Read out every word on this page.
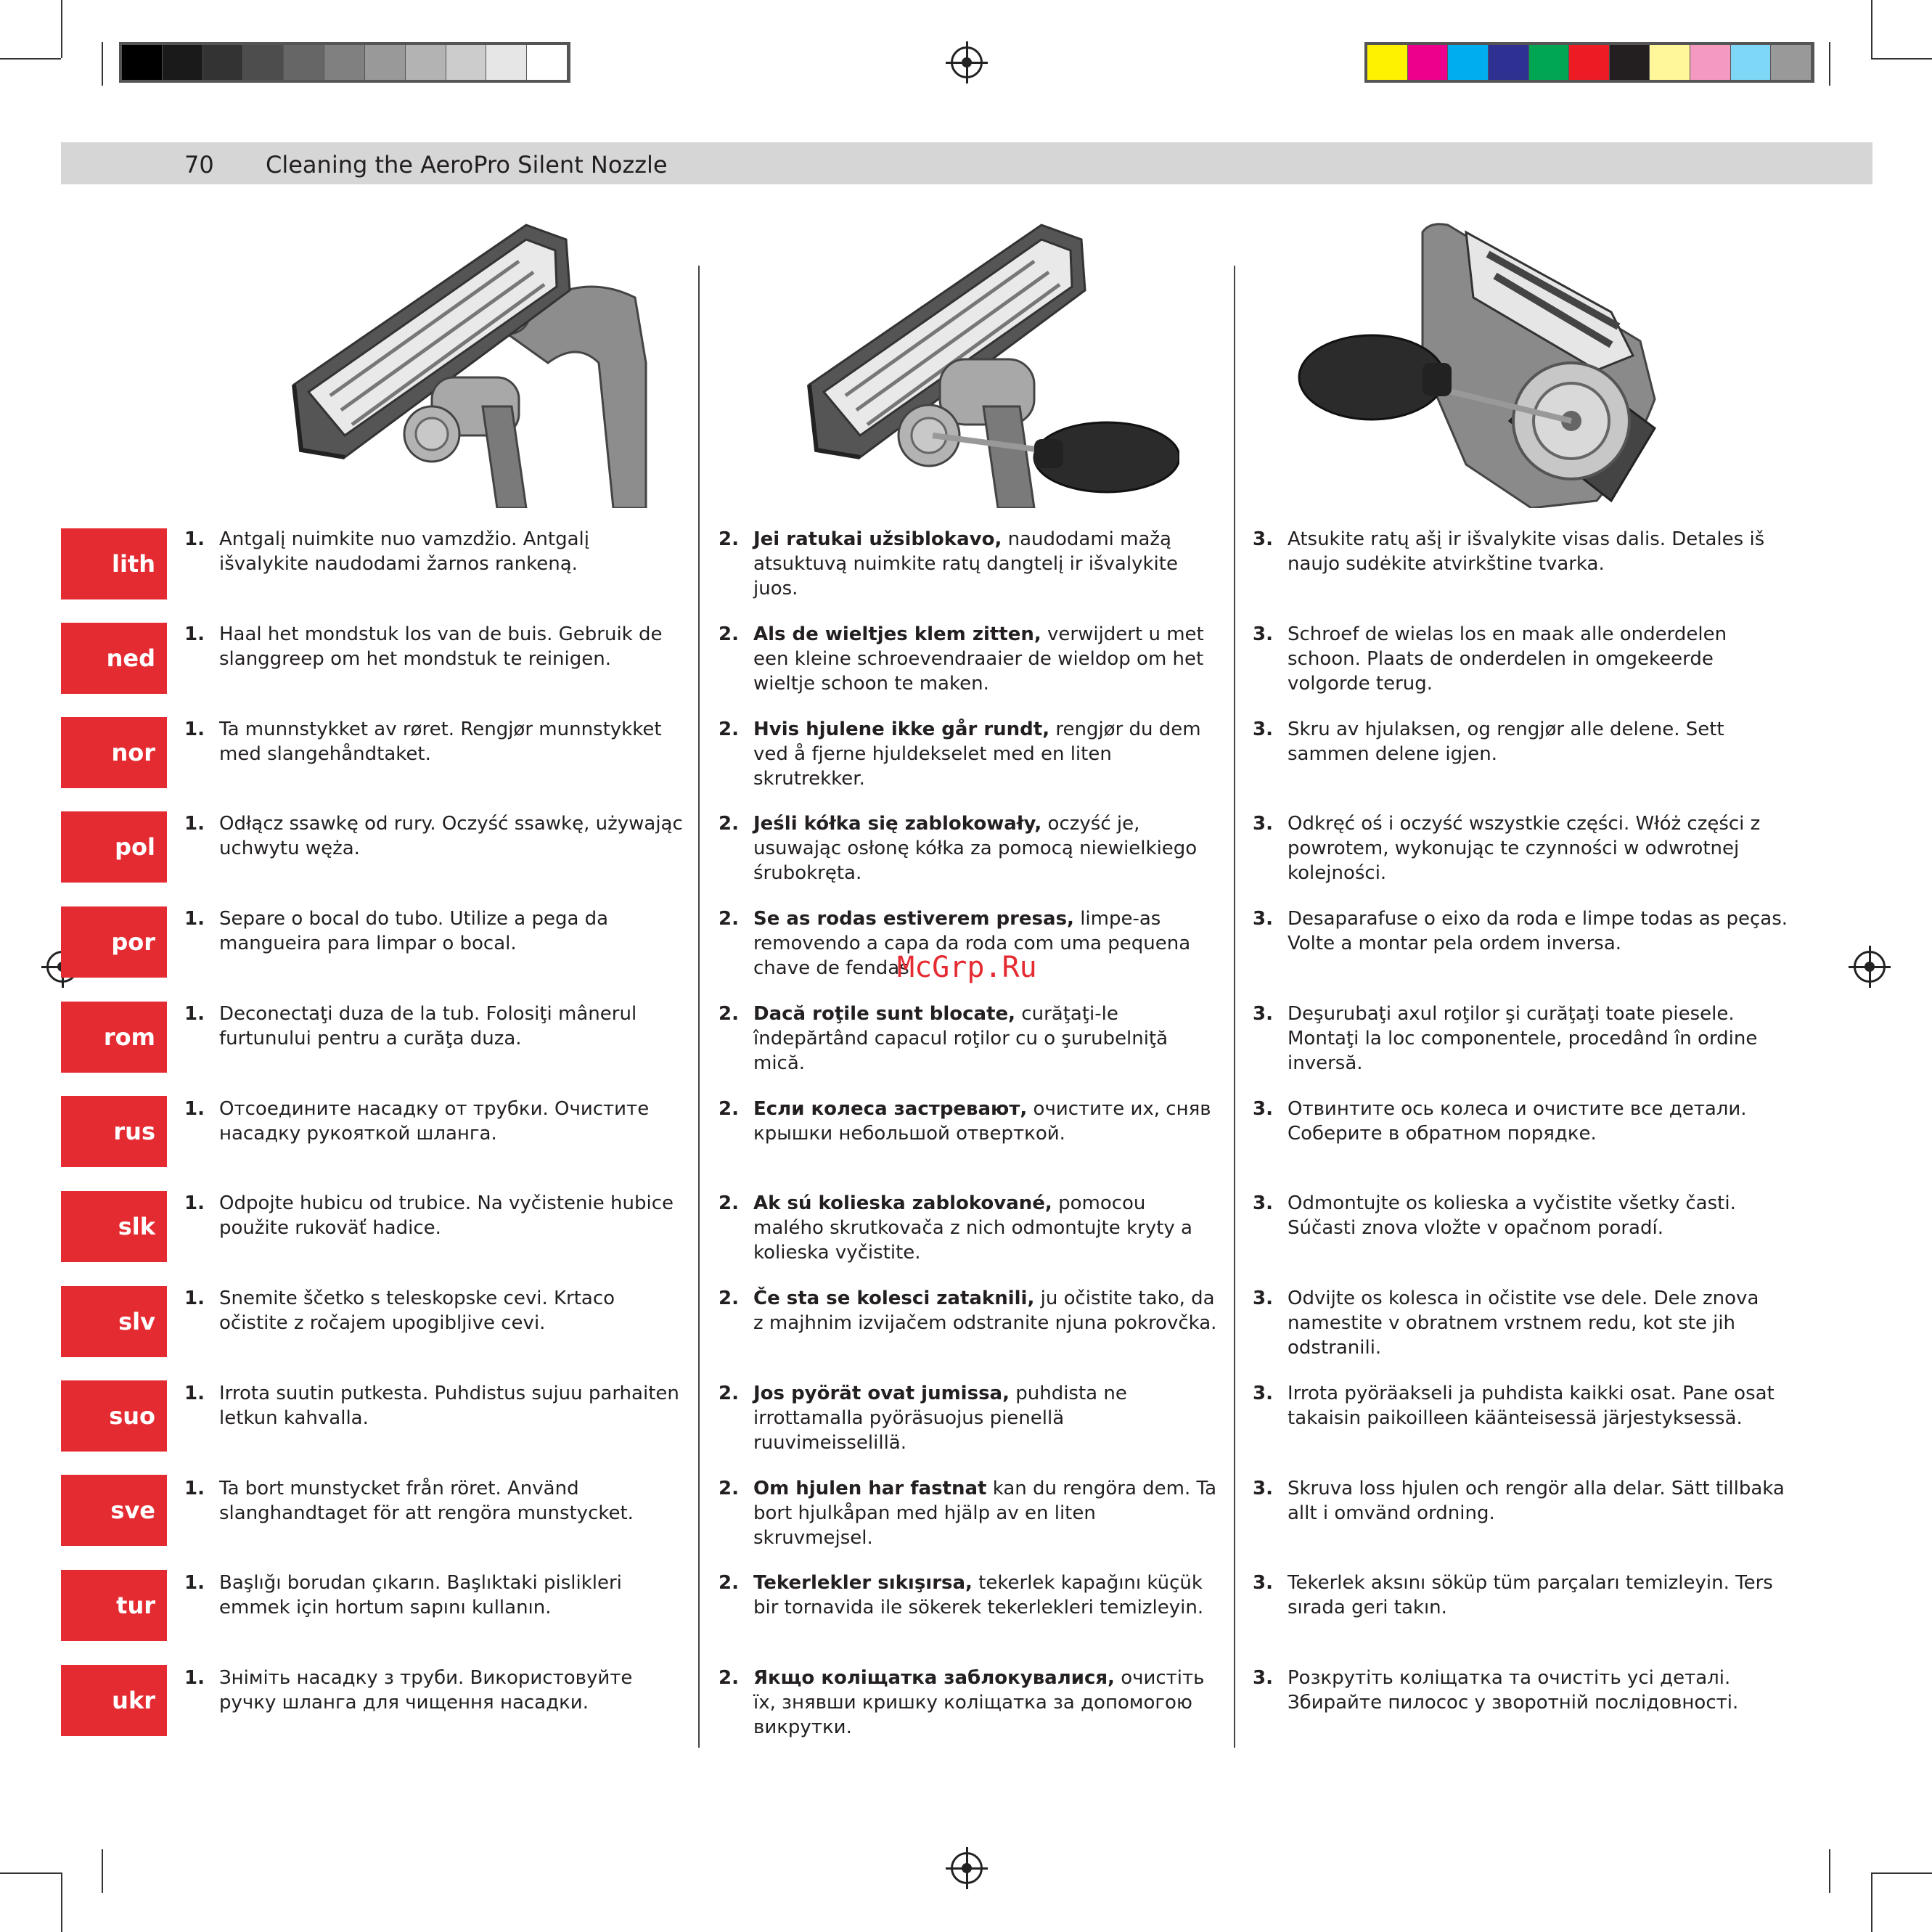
70 Cleaning the AeroPro Silent Nozzle
lith
1. Antgalį nuimkite nuo vamzdžio. Antgalį išvalykite naudodami žarnos rankeną.
2. Jei ratukai užsiblokavo, naudodami mažą atsuktuvą nuimkite ratų dangtelį ir išvalykite juos.
3. Atsukite ratų ašį ir išvalykite visas dalis. Detales iš naujo sudėkite atvirkštine tvarka.
ned
1. Haal het mondstuk los van de buis. Gebruik de slanggreep om het mondstuk te reinigen.
2. Als de wieltjes klem zitten, verwijdert u met een kleine schroevendraaier de wieldop om het wieltje schoon te maken.
3. Schroef de wielas los en maak alle onderdelen schoon. Plaats de onderdelen in omgekeerde volgorde terug.
nor
1. Ta munnstykket av røret. Rengjør munnstykket med slangehåndtaket.
2. Hvis hjulene ikke går rundt, rengjør du dem ved å fjerne hjuldekselet med en liten skrutrekker.
3. Skru av hjulaksen, og rengjør alle delene. Sett sammen delene igjen.
pol
1. Odłącz ssawkę od rury. Oczyść ssawkę, używając uchwytu węża.
2. Jeśli kółka się zablokowały, oczyść je, usuwając osłonę kółka za pomocą niewielkiego śrubokręta.
3. Odkręć oś i oczyść wszystkie części. Włóż części z powrotem, wykonując te czynności w odwrotnej kolejności.
por
1. Separe o bocal do tubo. Utilize a pega da mangueira para limpar o bocal.
2. Se as rodas estiverem presas, limpe-as removendo a capa da roda com uma pequena chave de fendas.
3. Desaparafuse o eixo da roda e limpe todas as peças. Volte a montar pela ordem inversa.
rom
1. Deconectaţi duza de la tub. Folosiţi mânerul furtunului pentru a curăţa duza.
2. Dacă roţile sunt blocate, curăţaţi-le îndepărtând capacul roţilor cu o şurubelniţă mică.
3. Deşurubaţi axul roţilor şi curăţaţi toate piesele. Montaţi la loc componentele, procedând în ordine inversă.
rus
1. Отсоедините насадку от трубки. Очистите насадку рукояткой шланга.
2. Если колеса застревают, очистите их, сняв крышки небольшой отверткой.
3. Отвинтите ось колеса и очистите все детали. Соберите в обратном порядке.
slk
1. Odpojte hubicu od trubice. Na vyčistenie hubice použite rukoväť hadice.
2. Ak sú kolieska zablokované, pomocou malého skrutkovača z nich odmontujte kryty a kolieska vyčistite.
3. Odmontujte os kolieska a vyčistite všetky časti. Súčasti znova vložte v opačnom poradí.
slv
1. Snemite ščetko s teleskopske cevi. Krtaco očistite z ročajem upogibljive cevi.
2. Če sta se kolesci zataknili, ju očistite tako, da z majhnim izvijačem odstranite njuna pokrovčka.
3. Odvijte os kolesca in očistite vse dele. Dele znova namestite v obratnem vrstnem redu, kot ste jih odstranili.
suo
1. Irrota suutin putkesta. Puhdistus sujuu parhaiten letkun kahvalla.
2. Jos pyörät ovat jumissa, puhdista ne irrottamalla pyöräsuojus pienellä ruuvimeisselillä.
3. Irrota pyöräakseli ja puhdista kaikki osat. Pane osat takaisin paikoilleen käänteisessä järjestyksessä.
sve
1. Ta bort munstycket från röret. Använd slanghandtaget för att rengöra munstycket.
2. Om hjulen har fastnat kan du rengöra dem. Ta bort hjulkåpan med hjälp av en liten skruvmejsel.
3. Skruva loss hjulen och rengör alla delar. Sätt tillbaka allt i omvänd ordning.
tur
1. Başlığı borudan çıkarın. Başlıktaki pislikleri emmek için hortum sapını kullanın.
2. Tekerlekler sıkışırsa, tekerlek kapağını küçük bir tornavida ile sökerek tekerlekleri temizleyin.
3. Tekerlek aksını söküp tüm parçaları temizleyin. Ters sırada geri takın.
ukr
1. Зніміть насадку з труби. Використовуйте ручку шланга для чищення насадки.
2. Якщо коліщатка заблокувалися, очистіть їх, знявши кришку коліщатка за допомогою викрутки.
3. Розкрутіть коліщатка та очистіть усі деталі. Збирайте пилосос у зворотній послідовності.
McGrp.Ru
